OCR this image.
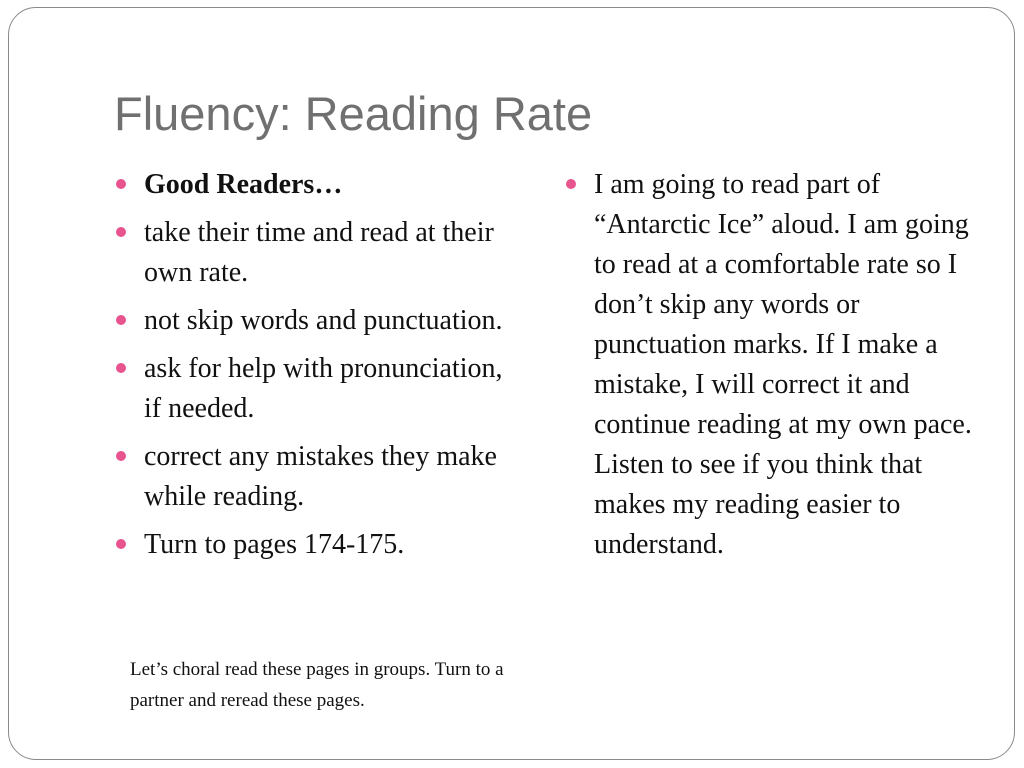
Fluency: Reading Rate
Good Readers…
take their time and read at their own rate.
not skip words and punctuation.
ask for help with pronunciation, if needed.
correct any mistakes they make while reading.
Turn to pages 174-175.
I am going to read part of “Antarctic Ice” aloud. I am going to read at a comfortable rate so I don’t skip any words or punctuation marks. If I make a mistake, I will correct it and continue reading at my own pace. Listen to see if you think that makes my reading easier to understand.

Let’s choral read these pages in groups. Turn to a partner and reread these pages.
